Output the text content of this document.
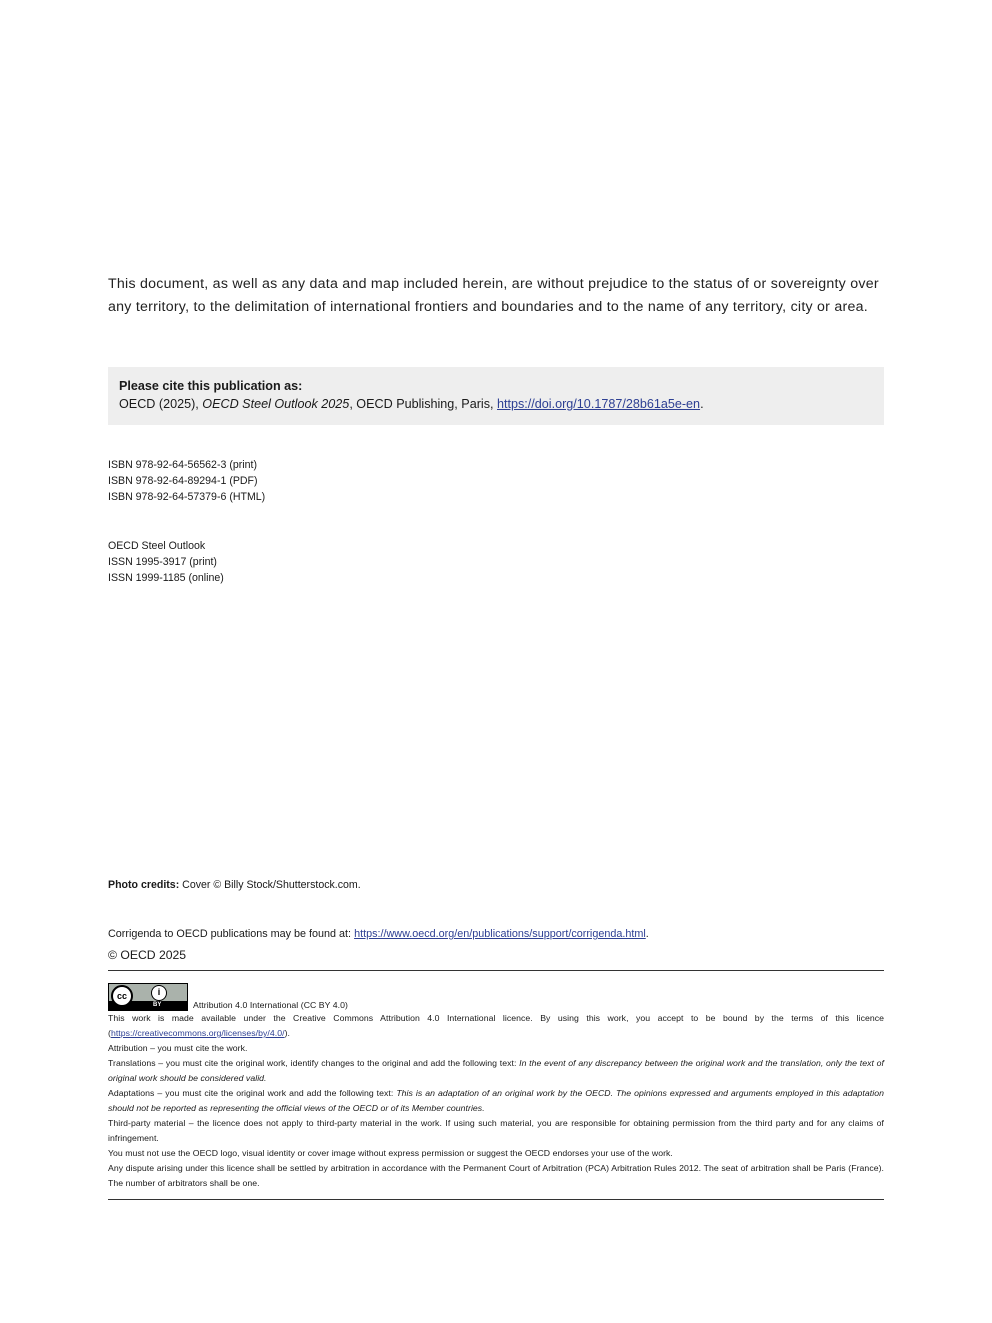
This document, as well as any data and map included herein, are without prejudice to the status of or sovereignty over any territory, to the delimitation of international frontiers and boundaries and to the name of any territory, city or area.
Please cite this publication as:
OECD (2025), OECD Steel Outlook 2025, OECD Publishing, Paris, https://doi.org/10.1787/28b61a5e-en.
ISBN 978-92-64-56562-3 (print)
ISBN 978-92-64-89294-1 (PDF)
ISBN 978-92-64-57379-6 (HTML)
OECD Steel Outlook
ISSN 1995-3917 (print)
ISSN 1999-1185 (online)
Photo credits: Cover © Billy Stock/Shutterstock.com.
Corrigenda to OECD publications may be found at: https://www.oecd.org/en/publications/support/corrigenda.html.
© OECD 2025
cc	i
BY	Attribution 4.0 International (CC BY 4.0)

This work is made available under the Creative Commons Attribution 4.0 International licence. By using this work, you accept to be bound by the terms of this licence (https://creativecommons.org/licenses/by/4.0/).

Attribution – you must cite the work.

Translations – you must cite the original work, identify changes to the original and add the following text: In the event of any discrepancy between the original work and the translation, only the text of original work should be considered valid.

Adaptations – you must cite the original work and add the following text: This is an adaptation of an original work by the OECD. The opinions expressed and arguments employed in this adaptation should not be reported as representing the official views of the OECD or of its Member countries.

Third-party material – the licence does not apply to third-party material in the work. If using such material, you are responsible for obtaining permission from the third party and for any claims of infringement.

You must not use the OECD logo, visual identity or cover image without express permission or suggest the OECD endorses your use of the work.

Any dispute arising under this licence shall be settled by arbitration in accordance with the Permanent Court of Arbitration (PCA) Arbitration Rules 2012. The seat of arbitration shall be Paris (France). The number of arbitrators shall be one.
